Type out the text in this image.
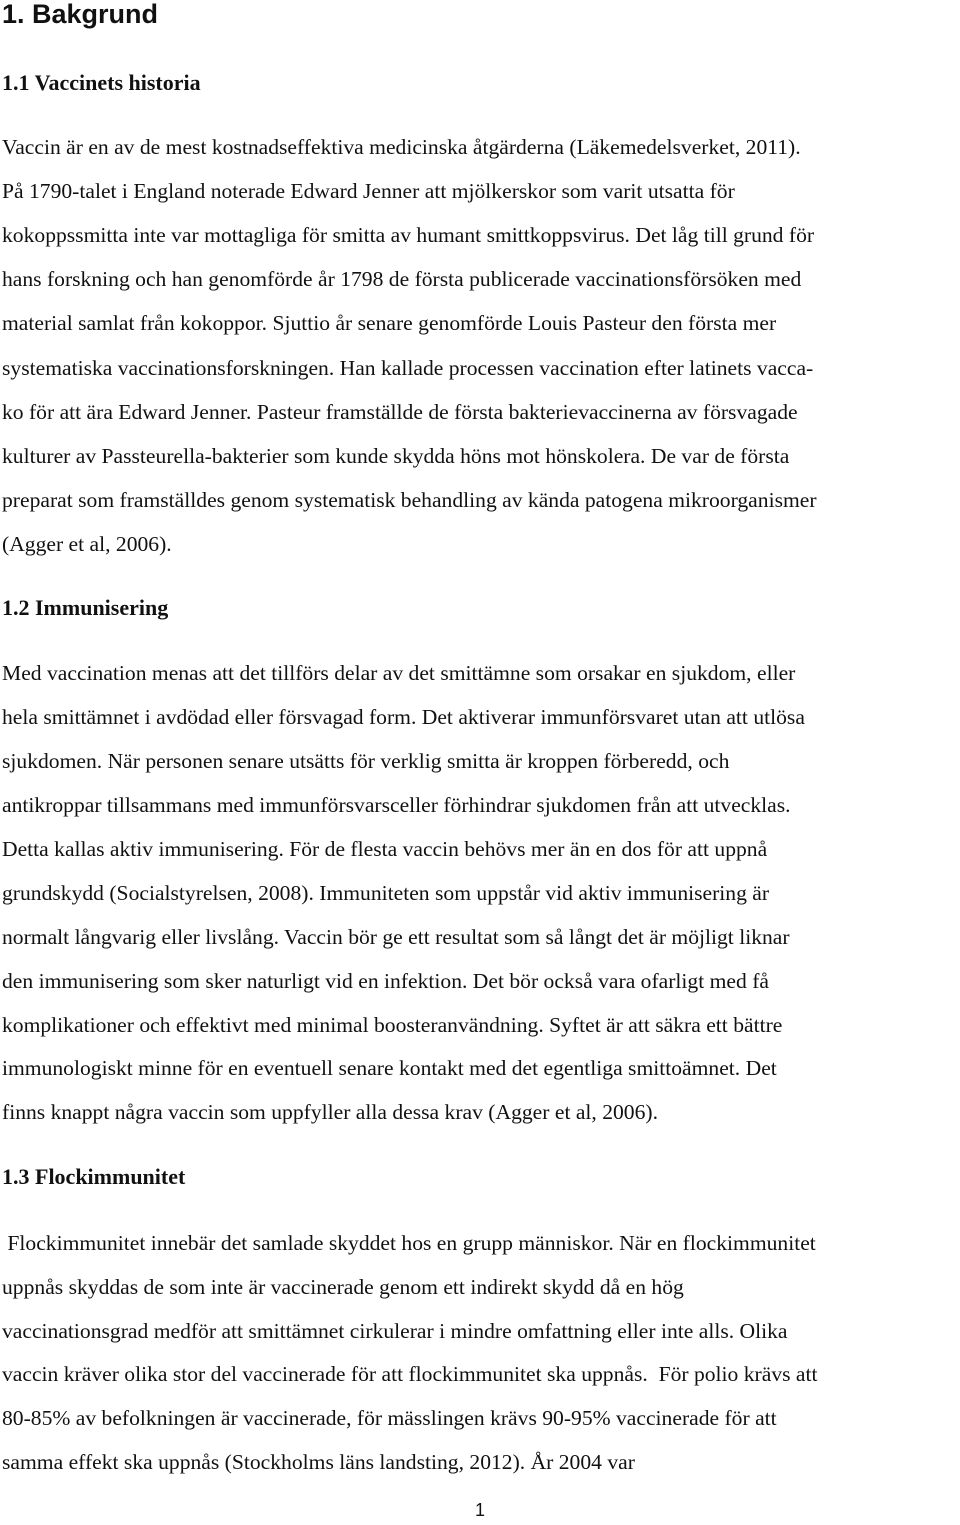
1. Bakgrund
1.1 Vaccinets historia
Vaccin är en av de mest kostnadseffektiva medicinska åtgärderna (Läkemedelsverket, 2011).
På 1790-talet i England noterade Edward Jenner att mjölkerskor som varit utsatta för
kokoppssmitta inte var mottagliga för smitta av humant smittkoppsvirus. Det låg till grund för
hans forskning och han genomförde år 1798 de första publicerade vaccinationsförsöken med
material samlat från kokoppor. Sjuttio år senare genomförde Louis Pasteur den första mer
systematiska vaccinationsforskningen. Han kallade processen vaccination efter latinets vacca-
ko för att ära Edward Jenner. Pasteur framställde de första bakterievaccinerna av försvagade
kulturer av Passteurella-bakterier som kunde skydda höns mot hönskolera. De var de första
preparat som framställdes genom systematisk behandling av kända patogena mikroorganismer
(Agger et al, 2006).
1.2 Immunisering
Med vaccination menas att det tillförs delar av det smittämne som orsakar en sjukdom, eller
hela smittämnet i avdödad eller försvagad form. Det aktiverar immunförsvaret utan att utlösa
sjukdomen. När personen senare utsätts för verklig smitta är kroppen förberedd, och
antikroppar tillsammans med immunförsvarsceller förhindrar sjukdomen från att utvecklas.
Detta kallas aktiv immunisering. För de flesta vaccin behövs mer än en dos för att uppnå
grundskydd (Socialstyrelsen, 2008). Immuniteten som uppstår vid aktiv immunisering är
normalt långvarig eller livslång. Vaccin bör ge ett resultat som så långt det är möjligt liknar
den immunisering som sker naturligt vid en infektion. Det bör också vara ofarligt med få
komplikationer och effektivt med minimal boosteranvändning. Syftet är att säkra ett bättre
immunologiskt minne för en eventuell senare kontakt med det egentliga smittoämnet. Det
finns knappt några vaccin som uppfyller alla dessa krav (Agger et al, 2006).
1.3 Flockimmunitet
Flockimmunitet innebär det samlade skyddet hos en grupp människor. När en flockimmunitet
uppnås skyddas de som inte är vaccinerade genom ett indirekt skydd då en hög
vaccinationsgrad medför att smittämnet cirkulerar i mindre omfattning eller inte alls. Olika
vaccin kräver olika stor del vaccinerade för att flockimmunitet ska uppnås.  För polio krävs att
80-85% av befolkningen är vaccinerade, för mässlingen krävs 90-95% vaccinerade för att
samma effekt ska uppnås (Stockholms läns landsting, 2012). År 2004 var
1
